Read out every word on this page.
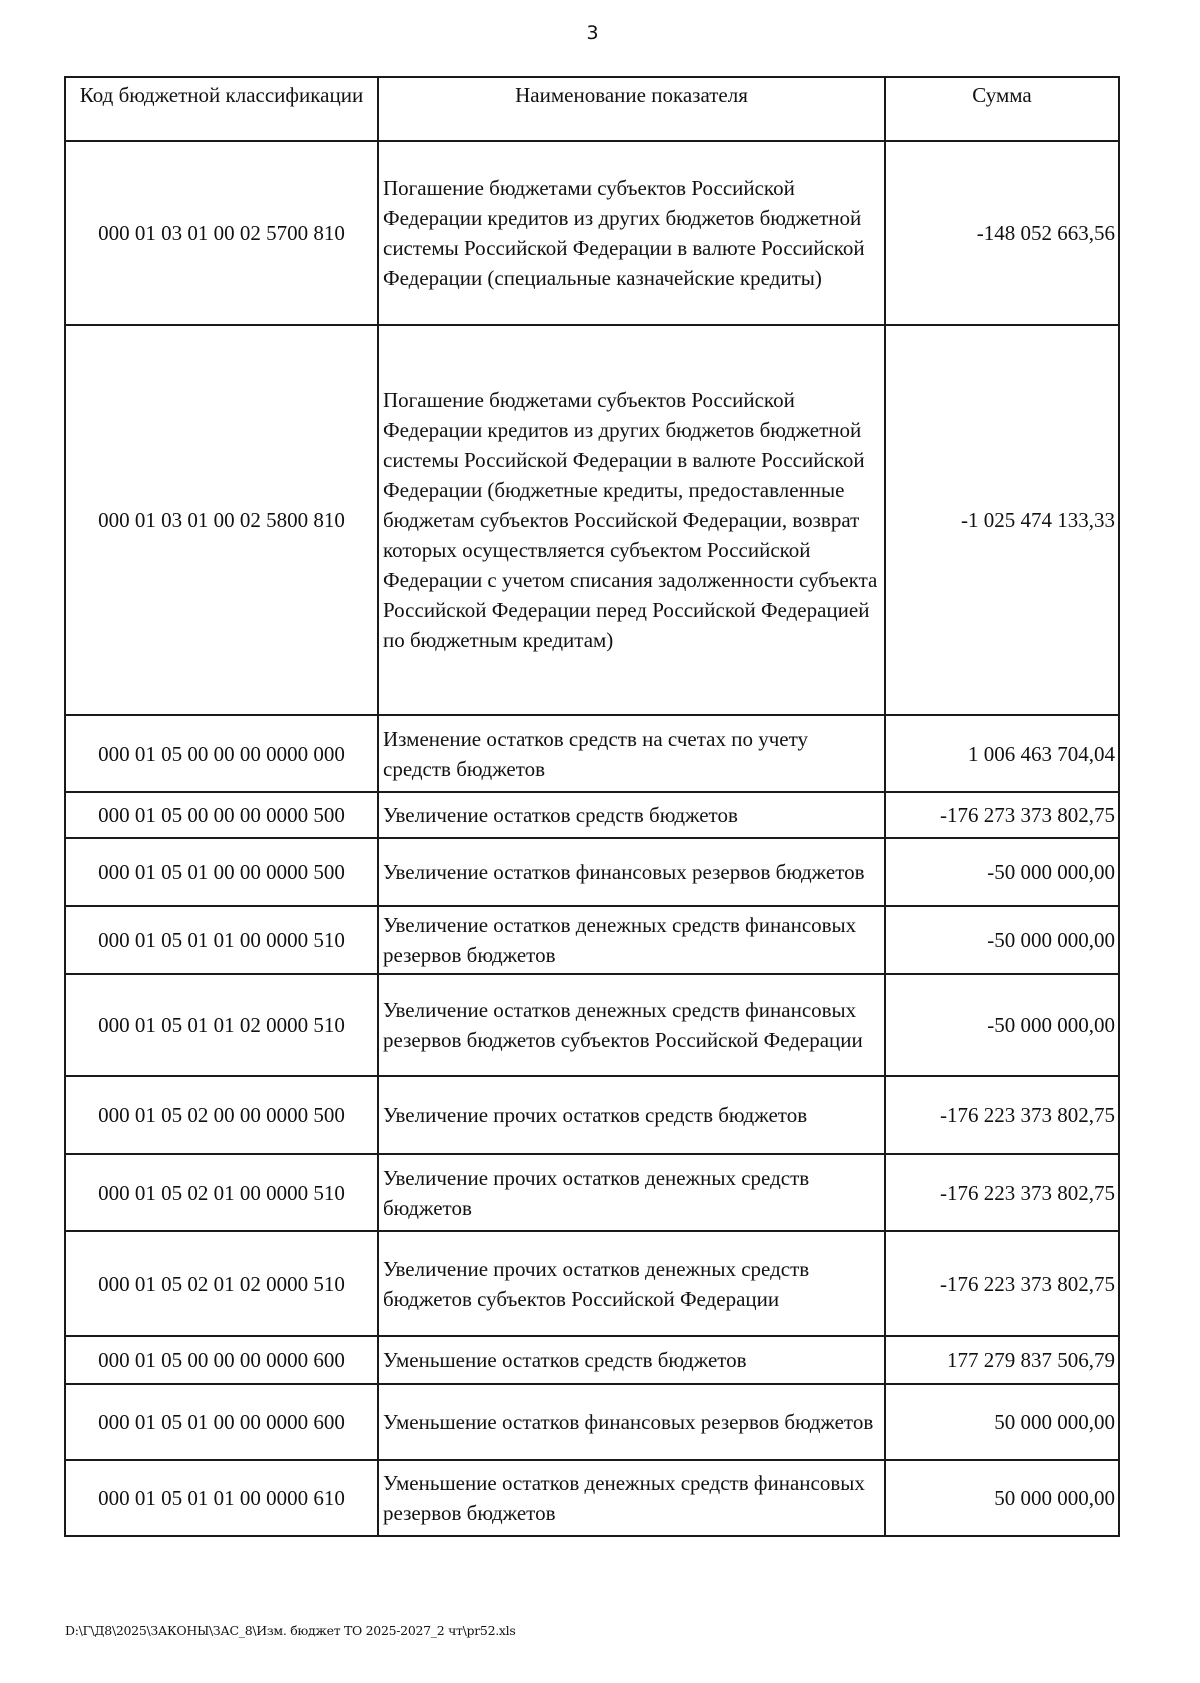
3
Код бюджетной классификации	Наименование показателя	Сумма
000 01 03 01 00 02 5700 810	Погашение бюджетами субъектов Российской Федерации кредитов из других бюджетов бюджетной системы Российской Федерации в валюте Российской Федерации (специальные казначейские кредиты)	-148 052 663,56
000 01 03 01 00 02 5800 810	Погашение бюджетами субъектов Российской Федерации кредитов из других бюджетов бюджетной системы Российской Федерации в валюте Российской Федерации (бюджетные кредиты, предоставленные бюджетам субъектов Российской Федерации, возврат которых осуществляется субъектом Российской Федерации с учетом списания задолженности субъекта Российской Федерации перед Российской Федерацией по бюджетным кредитам)	-1 025 474 133,33
000 01 05 00 00 00 0000 000	Изменение остатков средств на счетах по учету средств бюджетов	1 006 463 704,04
000 01 05 00 00 00 0000 500	Увеличение остатков средств бюджетов	-176 273 373 802,75
000 01 05 01 00 00 0000 500	Увеличение остатков финансовых резервов бюджетов	-50 000 000,00
000 01 05 01 01 00 0000 510	Увеличение остатков денежных средств финансовых резервов бюджетов	-50 000 000,00
000 01 05 01 01 02 0000 510	Увеличение остатков денежных средств финансовых резервов бюджетов субъектов Российской Федерации	-50 000 000,00
000 01 05 02 00 00 0000 500	Увеличение прочих остатков средств бюджетов	-176 223 373 802,75
000 01 05 02 01 00 0000 510	Увеличение прочих остатков денежных средств бюджетов	-176 223 373 802,75
000 01 05 02 01 02 0000 510	Увеличение прочих остатков денежных средств бюджетов субъектов Российской Федерации	-176 223 373 802,75
000 01 05 00 00 00 0000 600	Уменьшение остатков средств бюджетов	177 279 837 506,79
000 01 05 01 00 00 0000 600	Уменьшение остатков финансовых резервов бюджетов	50 000 000,00
000 01 05 01 01 00 0000 610	Уменьшение остатков денежных средств финансовых резервов бюджетов	50 000 000,00
D:\Г\Д8\2025\ЗАКОНЫ\ЗАС_8\Изм. бюджет ТО 2025-2027_2 чт\pr52.xls
